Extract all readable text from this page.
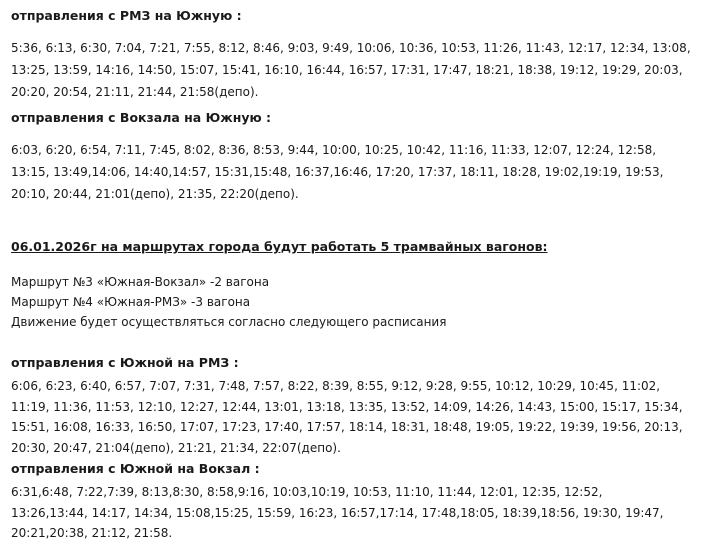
отправления с РМЗ на Южную :

5:36, 6:13, 6:30, 7:04, 7:21, 7:55, 8:12, 8:46, 9:03, 9:49, 10:06, 10:36, 10:53, 11:26, 11:43, 12:17, 12:34, 13:08,
13:25, 13:59, 14:16, 14:50, 15:07, 15:41, 16:10, 16:44, 16:57, 17:31, 17:47, 18:21, 18:38, 19:12, 19:29, 20:03,
20:20, 20:54, 21:11, 21:44, 21:58(депо).

отправления с Вокзала на Южную :

6:03, 6:20, 6:54, 7:11, 7:45, 8:02, 8:36, 8:53, 9:44, 10:00, 10:25, 10:42, 11:16, 11:33, 12:07, 12:24, 12:58,
13:15, 13:49,14:06, 14:40,14:57, 15:31,15:48, 16:37,16:46, 17:20, 17:37, 18:11, 18:28, 19:02,19:19, 19:53,
20:10, 20:44, 21:01(депо), 21:35, 22:20(депо).

06.01.2026г на маршрутах города будут работать 5 трамвайных вагонов:

Маршрут №3 «Южная-Вокзал» -2 вагона
Маршрут №4 «Южная-РМЗ» -3 вагона
Движение будет осуществляться согласно следующего расписания

отправления с Южной на РМЗ :

6:06, 6:23, 6:40, 6:57, 7:07, 7:31, 7:48, 7:57, 8:22, 8:39, 8:55, 9:12, 9:28, 9:55, 10:12, 10:29, 10:45, 11:02,
11:19, 11:36, 11:53, 12:10, 12:27, 12:44, 13:01, 13:18, 13:35, 13:52, 14:09, 14:26, 14:43, 15:00, 15:17, 15:34,
15:51, 16:08, 16:33, 16:50, 17:07, 17:23, 17:40, 17:57, 18:14, 18:31, 18:48, 19:05, 19:22, 19:39, 19:56, 20:13,
20:30, 20:47, 21:04(депо), 21:21, 21:34, 22:07(депо).

отправления с Южной на Вокзал :

6:31,6:48, 7:22,7:39, 8:13,8:30, 8:58,9:16, 10:03,10:19, 10:53, 11:10, 11:44, 12:01, 12:35, 12:52,
13:26,13:44, 14:17, 14:34, 15:08,15:25, 15:59, 16:23, 16:57,17:14, 17:48,18:05, 18:39,18:56, 19:30, 19:47,
20:21,20:38, 21:12, 21:58.
